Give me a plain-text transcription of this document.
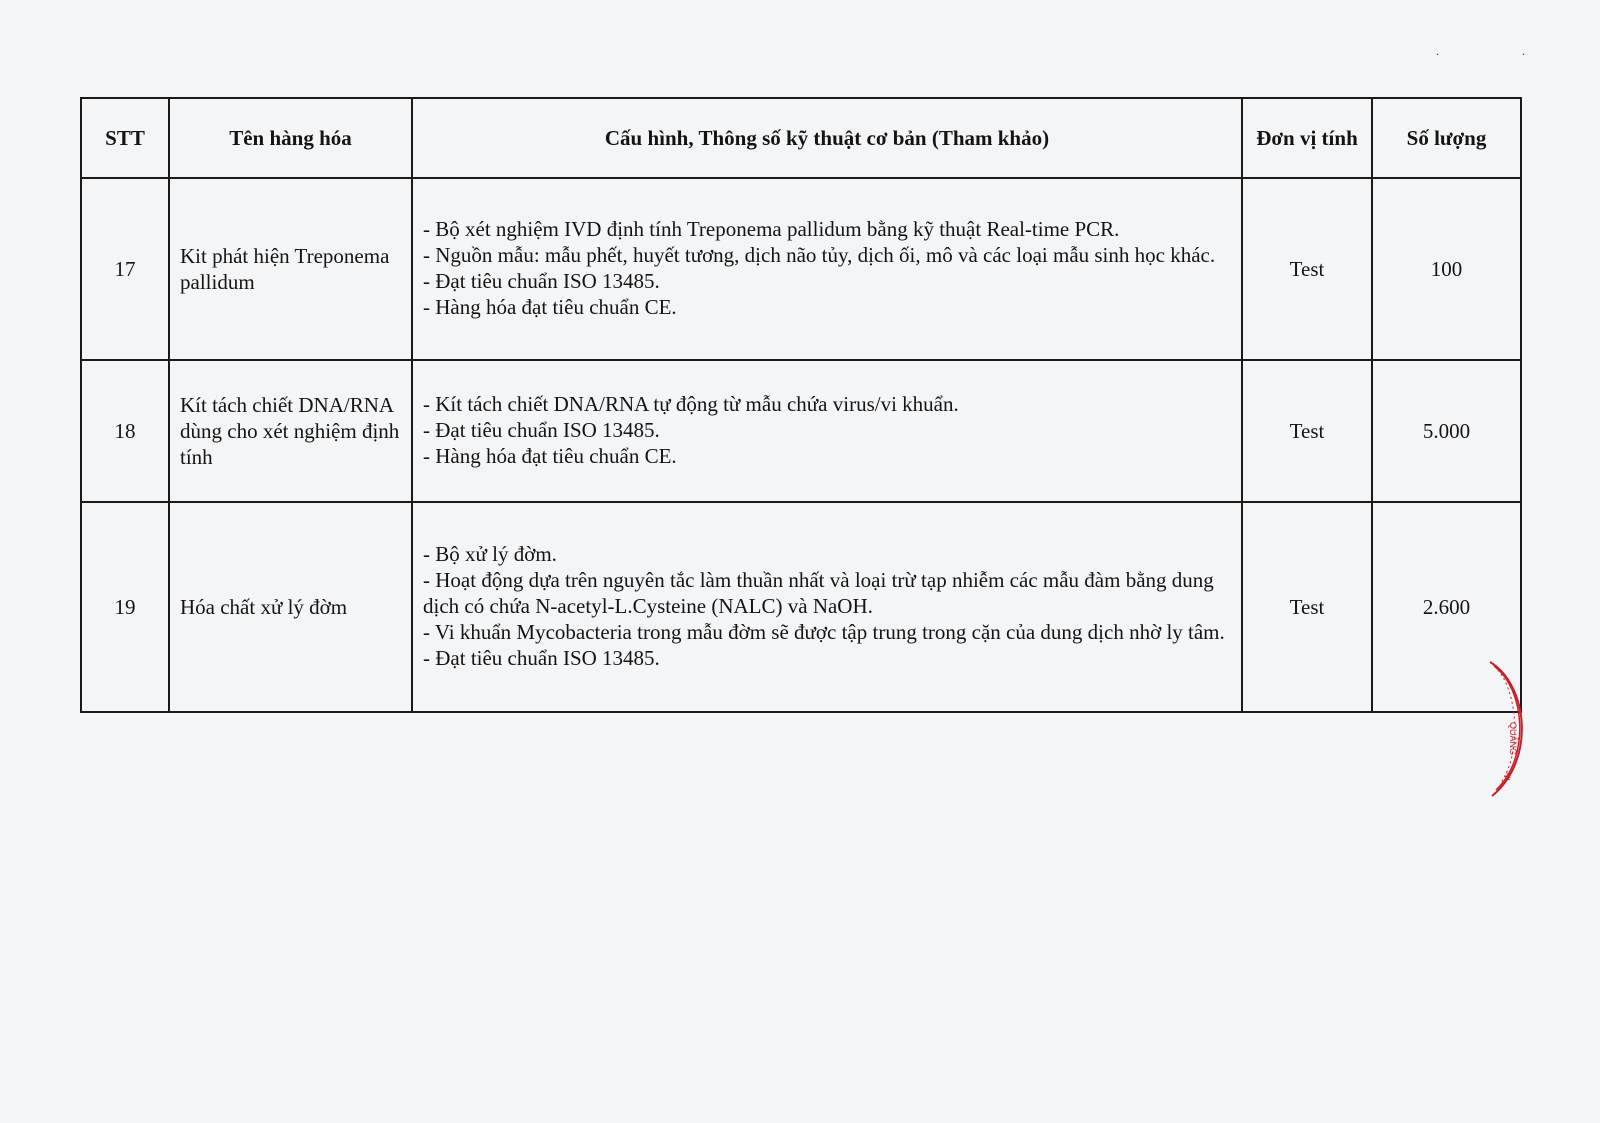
. .
STT	Tên hàng hóa	Cấu hình, Thông số kỹ thuật cơ bản (Tham khảo)	Đơn vị tính	Số lượng
17	Kit phát hiện Treponema pallidum	- Bộ xét nghiệm IVD định tính Treponema pallidum bằng kỹ thuật Real-time PCR.
- Nguồn mẫu: mẫu phết, huyết tương, dịch não tủy, dịch ối, mô và các loại mẫu sinh học khác.
- Đạt tiêu chuẩn ISO 13485.
- Hàng hóa đạt tiêu chuẩn CE.	Test	100
18	Kít tách chiết DNA/RNA dùng cho xét nghiệm định tính	- Kít tách chiết DNA/RNA tự động từ mẫu chứa virus/vi khuẩn.
- Đạt tiêu chuẩn ISO 13485.
- Hàng hóa đạt tiêu chuẩn CE.	Test	5.000
19	Hóa chất xử lý đờm	- Bộ xử lý đờm.
- Hoạt động dựa trên nguyên tắc làm thuần nhất và loại trừ tạp nhiễm các mẫu đàm bằng dung dịch có chứa N-acetyl-L.Cysteine (NALC) và NaOH.
- Vi khuẩn Mycobacteria trong mẫu đờm sẽ được tập trung trong cặn của dung dịch nhờ ly tâm.
- Đạt tiêu chuẩn ISO 13485.	Test	2.600
QUẢNG
NI
